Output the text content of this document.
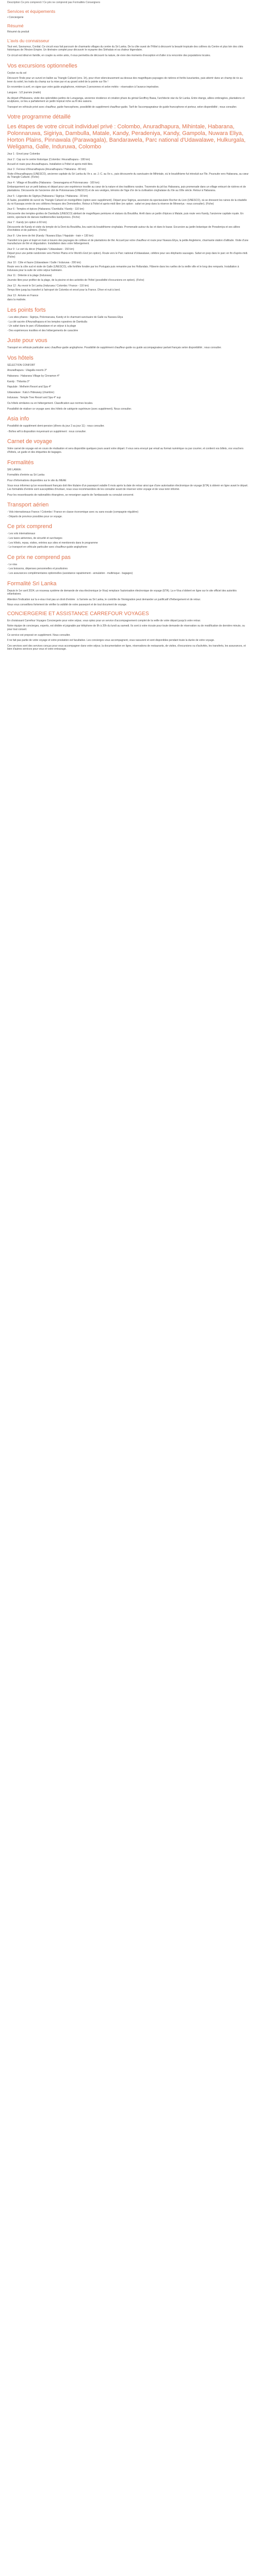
Description Ce prix comprend / Ce prix ne comprend pas Formalités Conseigners

Services et équipements
• Conciergerie
Résumé

Résumé du produit

L'avis du connaisseur

Tout vert, Savoureux, Cordial. Ce circuit vous fait parcourir de charmants villages du centre du Sri Lanka. De la côte ouest de l'Hôtel à découvrir la beauté tropicale des collines du Centre et plus loin des cités historiques de l'Ancien Empire. Un itinéraire complet pour découvrir le royaume des Sinhalais et sa chaleur légendaire.

Ce circuit est idéal en famille, en couple ou entre amis, il vous permettra de découvrir la nature, de vivre des moments d'exception et d'aller à la rencontre des populations locales.

Vos excursions optionnelles

Ceylan ou du sol

Découvrir l'Inde pour un survol en ballon au Triangle Culturel (env. 1h), pour rêver silencieusement au-dessus des magnifiques paysages de rizières et forêts luxuriantes, puis atterrir dans un champ de riz au lever du soleil, les traits du champ sur la mise par et au grand soleil de la pointe sur l'ile !

En novembre à avril, en signe que votre guide anglophone, minimum 2 personnes et selon météo - réservation à l'avance impérative.

Langues : 1/2 journée (matin)

Au départ d'Habarana, visite des splendides jardins de Lunuganga, ancienne résidence et création phare du génial Geoffrey Bawa, l'architecte star du Sri Lanka. Entre étangs, allées ombragées, plantations et sculptures, ce lieu a parfaitement un jardin tropical riche au fil des saisons.

Transport en véhicule privé avec chauffeur, guide francophone, possibilité de supplément chauffeur-guide. Tarif de l'accompagnateur de guide francophone et porteur, selon disponibilité ; nous consulter.

Votre programme détaillé
Les étapes de votre circuit individuel privé : Colombo, Anuradhapura, Mihintale, Habarana, Polonnaruwa, Sigiriya, Dambulla, Matale, Kandy, Peradeniya, Kandy, Gampola, Nuwara Eliya, Horton Plains, Pinnawala (Parawagala), Bandarawela, Parc national d'Udawalawe, Hulkurgala, Weligama, Galle, Induruwa, Colombo

Jour 1 : Envol pour Colombo

Jour 2 : Cap sur le centre historique (Colombo / Anuradhapura - 180 km)

Accueil et route pour Anuradhapura. Installation à l'hôtel et après-midi libre.

Jour 3 : Ferveur d'Anuradhapura (Anuradhapura / Habarana - 80 km)

Visite d'Anuradhapura (UNESCO), ancienne capitale du Sri Lanka du Ve s. av. J.-C. au Xe s., puis découverte du sanctuaire de Mihintale, où le bouddhisme fut introduit sur l'île. Poursuite vers Habarana, au cœur du Triangle Culturel. (Fiche)

Jour 4 : Village et Bouddha (Habarana - Sewanagama et Polonnaruwa - 100 km)

Embarquement sur un petit bateau et départ pour une expérience insolite au cœur de la nature et des traditions rurales. Traversée du joli lac Habarana, puis promenade dans un village entouré de rizières et de plantations. Découverte de l'ancienne cité de Polonnaruwa (UNESCO) et de ses vestiges, témoins de l'âge d'or de la civilisation cinghalaise du XIe au XIIIe siècle. Retour à Habarana.

Jour 5 : Légendes de Sigiriya (Habarana / Sigiriya / Habarana - 30 km)

À l'aube, possibilité de survol du Triangle Culturel en montgolfière (option avec supplément). Départ pour Sigiriya, ascension du spectaculaire Rocher du Lion (UNESCO), où se dressent les ruines de la citadelle du roi Kassapa ornée de ses célèbres fresques des Demoiselles. Retour à l'hôtel et après-midi libre (en option : safari en jeep dans la réserve de Minneriya - nous consulter). (Fiche)

Jour 6 : Temples et épices (Habarana / Dambulla / Kandy - 110 km)

Découverte des temples-grottes de Dambulla (UNESCO) abritant de magnifiques peintures et statues du Bouddha. Arrêt dans un jardin d'épices à Matale, puis route vers Kandy, l'ancienne capitale royale. En soirée, spectacle de danses traditionnelles kandyennes. (Fiche)

Jour 7 : Kandy (en option à 60 km)

Découverte de Kandy et visite du temple de la Dent du Bouddha, lieu saint du bouddhisme cinghalais. Promenade autour du lac et dans le bazar. Excursion au jardin botanique de Peradeniya et ses allées d'orchidées et de palmiers. (Fiche)

Jour 8 : Une terre de thé (Kandy / Nuwara Eliya / Hapulale - train + 130 km)

Transfert à la gare et trajet en train à travers des paysages de collines et de plantations de thé. Accueil par votre chauffeur et route pour Nuwara Eliya, la petite Angleterre, charmante station d'altitude. Visite d'une manufacture de thé et dégustation. Installation dans votre hébergement.

Jour 9 : Le vert du décor (Hapulale / Udawalawe - 150 km)

Départ pour une petite randonnée vers Horton Plains et le World's End (en option). Route vers le Parc national d'Udawalawe, célèbre pour ses éléphants sauvages. Safari en jeep dans le parc en fin d'après-midi. (Fiche)

Jour 10 : Côte et faune (Udawalawe / Galle / Induruwa - 200 km)

Route vers la côte sud et visite de Galle (UNESCO), ville fortifiée fondée par les Portugais puis remaniée par les Hollandais. Flânerie dans les ruelles de la vieille ville et le long des remparts. Installation à Induruwa pour la suite de votre séjour balnéaire.

Jour 11 : Détente à la plage (Induruwa)

Journée libre pour profiter de la plage, de la piscine et des activités de l'hôtel (possibilité d'excursions en option). (Fiche)

Jour 12 : Au revoir le Sri Lanka (Induruwa / Colombo / France - 110 km)

Temps libre jusqu'au transfert à l'aéroport de Colombo et envol pour la France. Dîner et nuit à bord.

Jour 13 : Arrivée en France

dans la matinée.

Les points forts
- Les sites phares : Sigiriya, Polonnaruwa, Kandy et le charmant sanctuaire de Galle ou Nuwara Eliya
- La cité sacrée d'Anuradhapura et les temples rupestres de Dambulla
- Un safari dans le parc d'Udawalawe et un séjour à la plage
- Des expériences insolites et des hébergements de caractère
Juste pour vous

Transport en véhicule particulier avec chauffeur-guide anglophone. Possibilité de supplément chauffeur-guide ou guide accompagnateur parlant français selon disponibilité ; nous consulter.

Vos hôtels

SÉLECTION CONFORT

Anuradhapura : Ulagalla resorts 3*

Habarana : Habarana Village by Cinnamon 4*

Kandy : Thilanka 3*

Hapulale : Melheim Resort and Spa 4*

Udawalawe : Kalu's Hideaway (chambre)

Induruwa : Temple Tree Resort and Spa 4* sup

Ou hôtels similaires ou en hébergement. Classification aux normes locales.

Possibilité de réaliser ce voyage avec des hôtels de catégorie supérieure (avec supplément). Nous consulter.

Asia info

Possibilité de supplément demi-pension (dîners du jour 2 au jour 11) : nous consulter.

- Boîtes wifi à disposition moyennant un supplément : nous consulter.

Carnet de voyage

Votre carnet de voyage est en cours de réalisation et sera disponible quelques jours avant votre départ. Il vous sera envoyé par email au format numérique ou par courrier, et contient vos billets, vos vouchers d'hôtels, un guide et des étiquettes de bagages.

Formalités

SRI LANKA :

Formalités d'entrée au Sri Lanka

Pour d'informations disponibles sur le site du MEAE

Vous nous informez qu'un ressortissant français doit être titulaire d'un passeport valable 6 mois après la date de retour ainsi que d'une autorisation électronique de voyage (ETA) à obtenir en ligne avant le départ. Les formalités d'entrée sont susceptibles d'évoluer, nous vous recommandons de les consulter avant de réserver votre voyage et de vous tenir informé.

Pour les ressortissants de nationalités étrangères, se renseigner auprès de l'ambassade ou consulat concerné.

Transport aérien
- Vols internationaux France / Colombo / France en classe économique avec ou sans escale (compagnie régulière)
- Départs de province possibles pour ce voyage.
Ce prix comprend
- Les vols internationaux
- Les taxes aériennes, de sécurité et surcharges
- Les hôtels, repas, visites, entrées aux sites et mentionnés dans le programme
- Le transport en véhicule particulier avec chauffeur-guide anglophone
Ce prix ne comprend pas
- Le visa
- Les boissons, dépenses personnelles et pourboires
- Les assurances complémentaires optionnelles (assistance rapatriement - annulation - multirisque - bagages)
Formalité Sri Lanka

Depuis le 1er avril 2024, un nouveau système de demande de visa électronique (e-Visa) remplace l'autorisation électronique de voyage (ETA). La e-Visa s'obtient en ligne sur le site officiel des autorités srilankaises.

Attention l'indication sur la e-visa n'est pas un droit d'entrée : à l'arrivée au Sri Lanka, le contrôle de l'immigration peut demander un justificatif d'hébergement et de retour.

Nous vous conseillons fortement de vérifier la validité de votre passeport et de tout document de voyage.

CONCIERGERIE ET ASSISTANCE CARREFOUR VOYAGES

En choisissant Carrefour Voyages Conciergerie pour votre séjour, vous optez pour un service d'accompagnement complet de la veille de votre départ jusqu'à votre retour.

Notre équipe de concierges, experts, est dédiée et joignable par téléphone de 9h à 20h du lundi au samedi. Ils sont à votre écoute pour toute demande de réservation ou de modification de dernière minute, ou pour tout conseil.

Ce service est proposé en supplément. Nous consulter.

Il ne fait pas partie de votre voyage et votre prestation est facultative. Les concierges vous accompagnent, vous rassurent et sont disponibles pendant toute la durée de votre voyage.

Ces services sont des services conçus pour vous accompagner dans votre séjour, la documentation en ligne, réservations de restaurants, de visites, d'excursions ou d'activités, les transferts, les assurances, et bien d'autres services pour vous et votre entourage.
